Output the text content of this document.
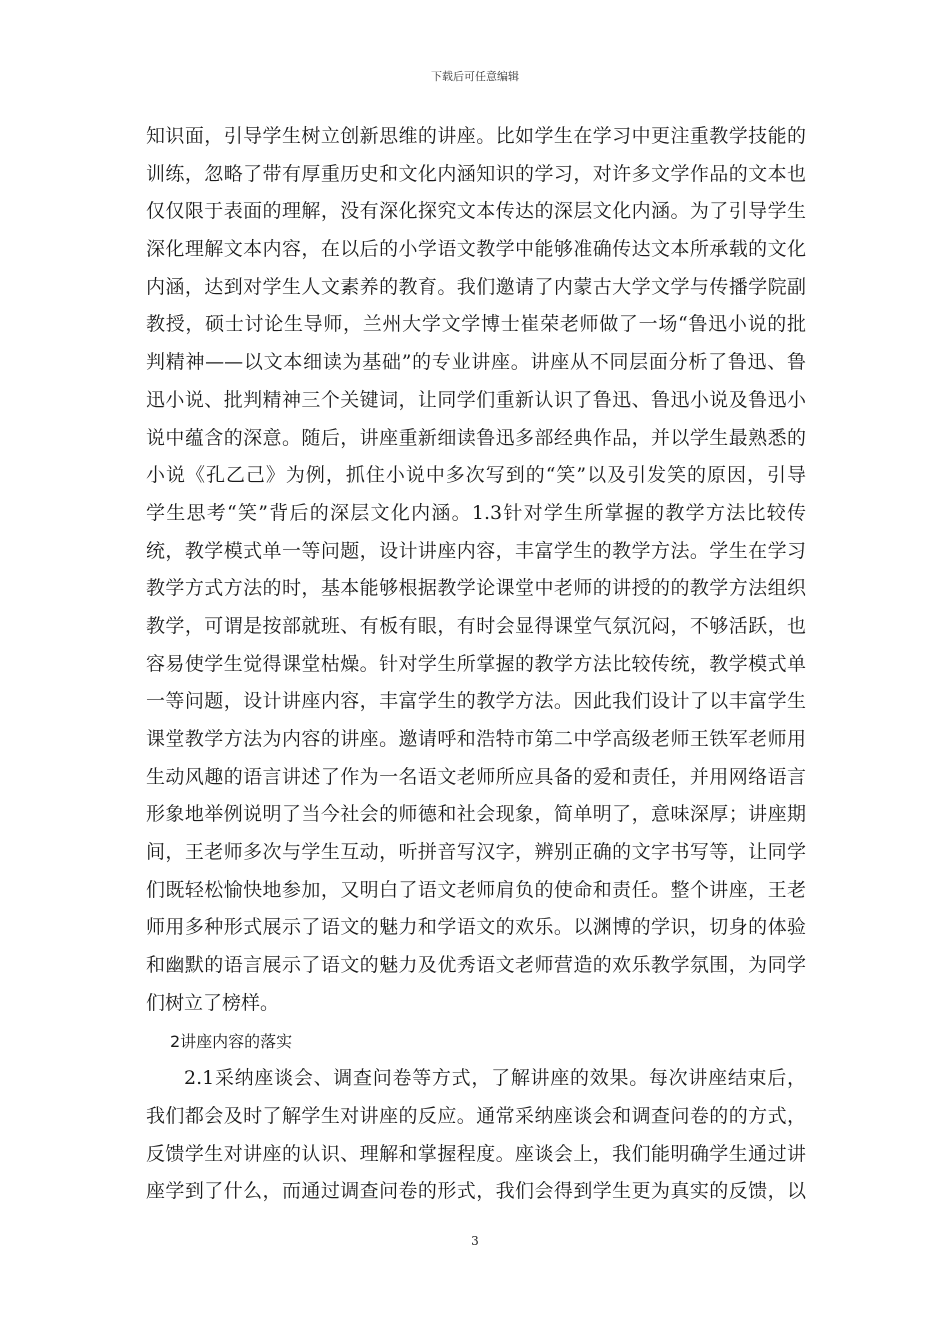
下载后可任意编辑
知识面，引导学生树立创新思维的讲座。比如学生在学习中更注重教学技能的
训练，忽略了带有厚重历史和文化内涵知识的学习，对许多文学作品的文本也
仅仅限于表面的理解，没有深化探究文本传达的深层文化内涵。为了引导学生
深化理解文本内容，在以后的小学语文教学中能够准确传达文本所承载的文化
内涵，达到对学生人文素养的教育。我们邀请了内蒙古大学文学与传播学院副
教授，硕士讨论生导师，兰州大学文学博士崔荣老师做了一场“鲁迅小说的批
判精神——以文本细读为基础”的专业讲座。讲座从不同层面分析了鲁迅、鲁
迅小说、批判精神三个关键词，让同学们重新认识了鲁迅、鲁迅小说及鲁迅小
说中蕴含的深意。随后，讲座重新细读鲁迅多部经典作品，并以学生最熟悉的
小说《孔乙己》为例，抓住小说中多次写到的“笑”以及引发笑的原因，引导
学生思考“笑”背后的深层文化内涵。1.3针对学生所掌握的教学方法比较传
统，教学模式单一等问题，设计讲座内容，丰富学生的教学方法。学生在学习
教学方式方法的时，基本能够根据教学论课堂中老师的讲授的的教学方法组织
教学，可谓是按部就班、有板有眼，有时会显得课堂气氛沉闷，不够活跃，也
容易使学生觉得课堂枯燥。针对学生所掌握的教学方法比较传统，教学模式单
一等问题，设计讲座内容，丰富学生的教学方法。因此我们设计了以丰富学生
课堂教学方法为内容的讲座。邀请呼和浩特市第二中学高级老师王铁军老师用
生动风趣的语言讲述了作为一名语文老师所应具备的爱和责任，并用网络语言
形象地举例说明了当今社会的师德和社会现象，简单明了，意味深厚；讲座期
间，王老师多次与学生互动，听拼音写汉字，辨别正确的文字书写等，让同学
们既轻松愉快地参加，又明白了语文老师肩负的使命和责任。整个讲座，王老
师用多种形式展示了语文的魅力和学语文的欢乐。以渊博的学识，切身的体验
和幽默的语言展示了语文的魅力及优秀语文老师营造的欢乐教学氛围，为同学
们树立了榜样。
2讲座内容的落实
2.1采纳座谈会、调查问卷等方式，了解讲座的效果。每次讲座结束后，
我们都会及时了解学生对讲座的反应。通常采纳座谈会和调查问卷的的方式，
反馈学生对讲座的认识、理解和掌握程度。座谈会上，我们能明确学生通过讲
座学到了什么，而通过调查问卷的形式，我们会得到学生更为真实的反馈，以
3
